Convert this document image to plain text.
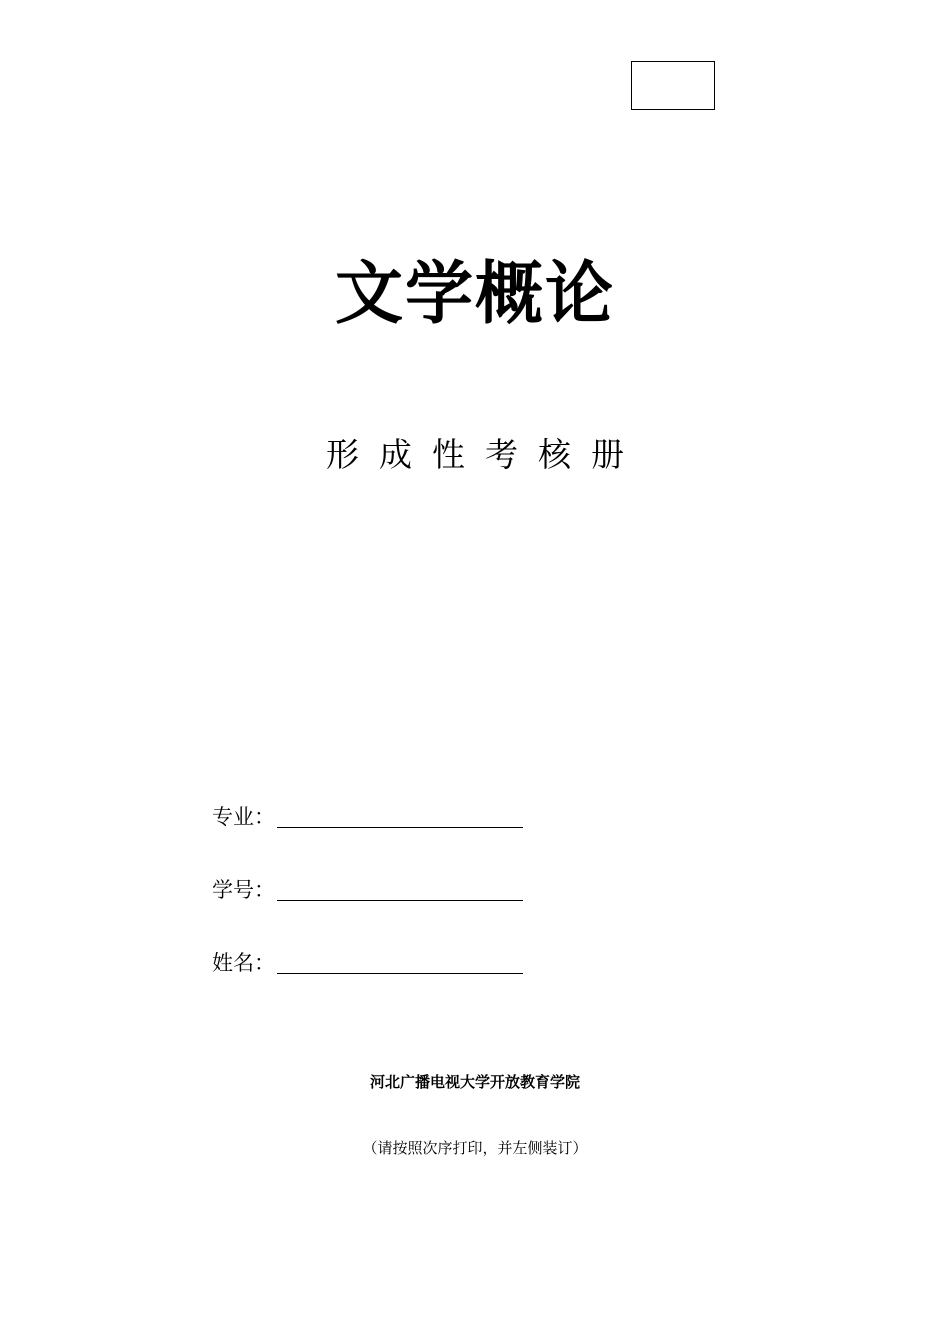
文学概论
形成性考核册
专业：
学号：
姓名：
河北广播电视大学开放教育学院
（请按照次序打印，并左侧装订）
